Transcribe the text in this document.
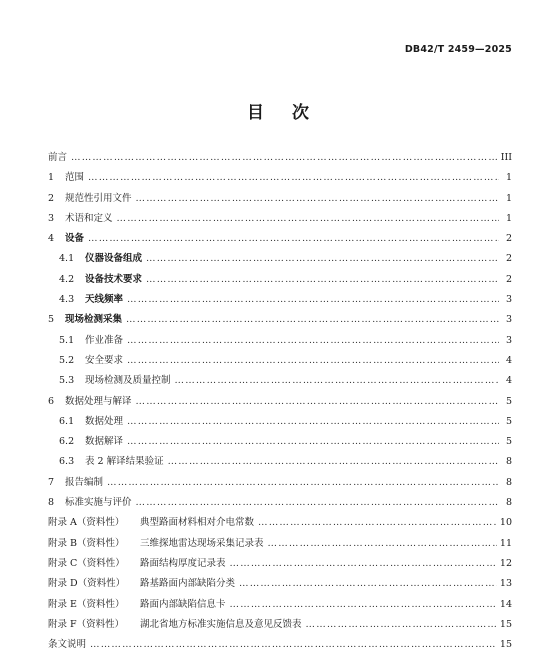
DB42/T 2459—2025
目次
前言 ……………………………………………………………………………………………………………………………………………………………………………………………………	III
1	范围 ……………………………………………………………………………………………………………………………………………………………………………………………………	1
2	规范性引用文件 ……………………………………………………………………………………………………………………………………………………………………………………………………	1
3	术语和定义 ……………………………………………………………………………………………………………………………………………………………………………………………………	1
4	设备 ……………………………………………………………………………………………………………………………………………………………………………………………………	2
4.1	仪器设备组成 ……………………………………………………………………………………………………………………………………………………………………………………………………	2
4.2	设备技术要求 ……………………………………………………………………………………………………………………………………………………………………………………………………	2
4.3	天线频率 ……………………………………………………………………………………………………………………………………………………………………………………………………	3
5	现场检测采集 ……………………………………………………………………………………………………………………………………………………………………………………………………	3
5.1	作业准备 ……………………………………………………………………………………………………………………………………………………………………………………………………	3
5.2	安全要求 ……………………………………………………………………………………………………………………………………………………………………………………………………	4
5.3	现场检测及质量控制 ……………………………………………………………………………………………………………………………………………………………………………………………………	4
6	数据处理与解译 ……………………………………………………………………………………………………………………………………………………………………………………………………	5
6.1	数据处理 ……………………………………………………………………………………………………………………………………………………………………………………………………	5
6.2	数据解译 ……………………………………………………………………………………………………………………………………………………………………………………………………	5
6.3	表 2 解译结果验证 ……………………………………………………………………………………………………………………………………………………………………………………………………	8
7	报告编制 ……………………………………………………………………………………………………………………………………………………………………………………………………	8
8	标准实施与评价 ……………………………………………………………………………………………………………………………………………………………………………………………………	8
附录 A（资料性）	典型路面材料相对介电常数 ……………………………………………………………………………………………………………………………………………………………………………………………………	10
附录 B（资料性）	三维探地雷达现场采集记录表 ……………………………………………………………………………………………………………………………………………………………………………………………………	11
附录 C（资料性）	路面结构厚度记录表 ……………………………………………………………………………………………………………………………………………………………………………………………………	12
附录 D（资料性）	路基路面内部缺陷分类 ……………………………………………………………………………………………………………………………………………………………………………………………………	13
附录 E（资料性）	路面内部缺陷信息卡 ……………………………………………………………………………………………………………………………………………………………………………………………………	14
附录 F（资料性）	湖北省地方标准实施信息及意见反馈表 ……………………………………………………………………………………………………………………………………………………………………………………………………	15
条文说明 ……………………………………………………………………………………………………………………………………………………………………………………………………	15
